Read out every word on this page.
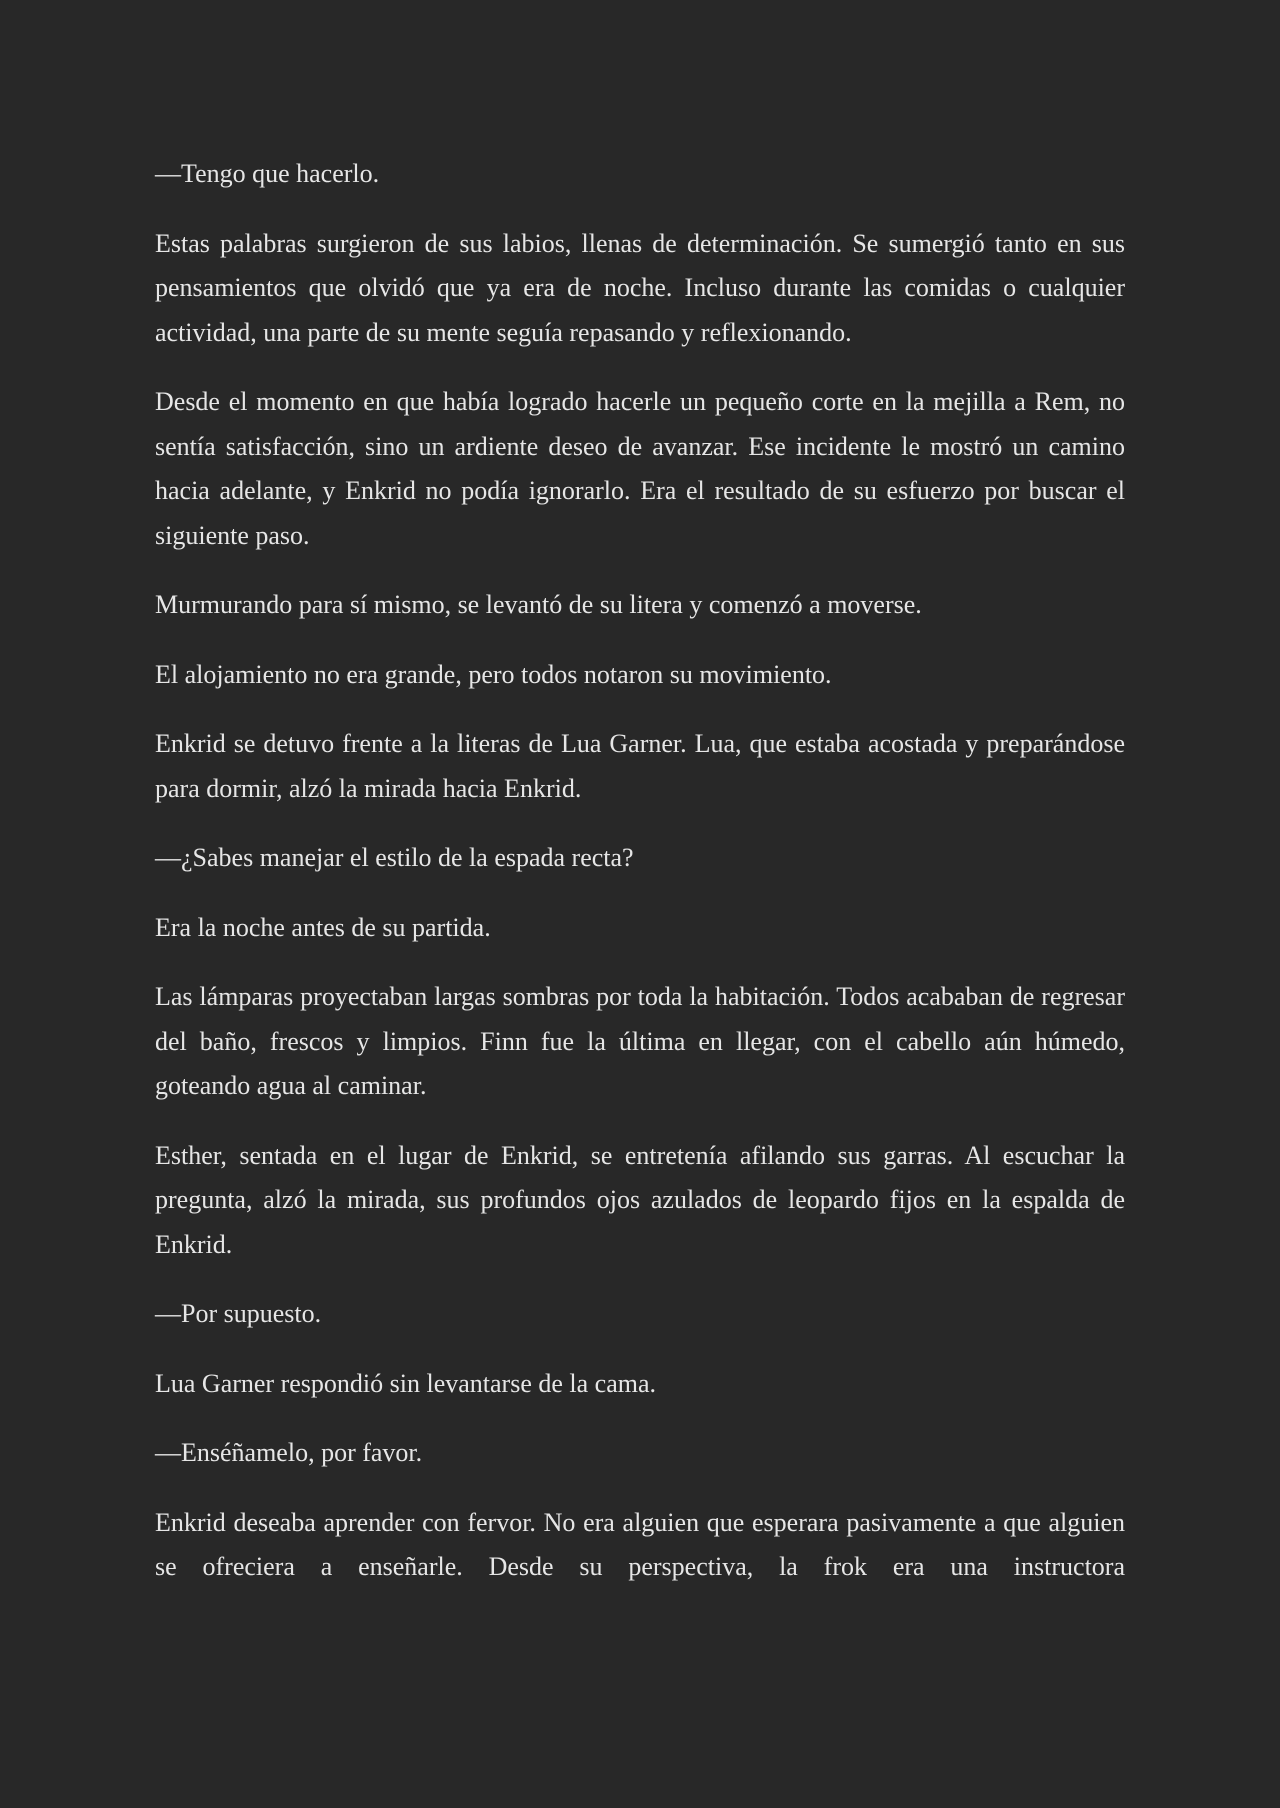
—Tengo que hacerlo.

Estas palabras surgieron de sus labios, llenas de determinación. Se sumergió tanto en sus pensamientos que olvidó que ya era de noche. Incluso durante las comidas o cualquier actividad, una parte de su mente seguía repasando y reflexionando.

Desde el momento en que había logrado hacerle un pequeño corte en la mejilla a Rem, no sentía satisfacción, sino un ardiente deseo de avanzar. Ese incidente le mostró un camino hacia adelante, y Enkrid no podía ignorarlo. Era el resultado de su esfuerzo por buscar el siguiente paso.

Murmurando para sí mismo, se levantó de su litera y comenzó a moverse.

El alojamiento no era grande, pero todos notaron su movimiento.

Enkrid se detuvo frente a la literas de Lua Garner. Lua, que estaba acostada y preparándose para dormir, alzó la mirada hacia Enkrid.

—¿Sabes manejar el estilo de la espada recta?

Era la noche antes de su partida.

Las lámparas proyectaban largas sombras por toda la habitación. Todos acababan de regresar del baño, frescos y limpios. Finn fue la última en llegar, con el cabello aún húmedo, goteando agua al caminar.

Esther, sentada en el lugar de Enkrid, se entretenía afilando sus garras. Al escuchar la pregunta, alzó la mirada, sus profundos ojos azulados de leopardo fijos en la espalda de Enkrid.

—Por supuesto.

Lua Garner respondió sin levantarse de la cama.

—Enséñamelo, por favor.

Enkrid deseaba aprender con fervor. No era alguien que esperara pasivamente a que alguien se ofreciera a enseñarle. Desde su perspectiva, la frok era una instructora
